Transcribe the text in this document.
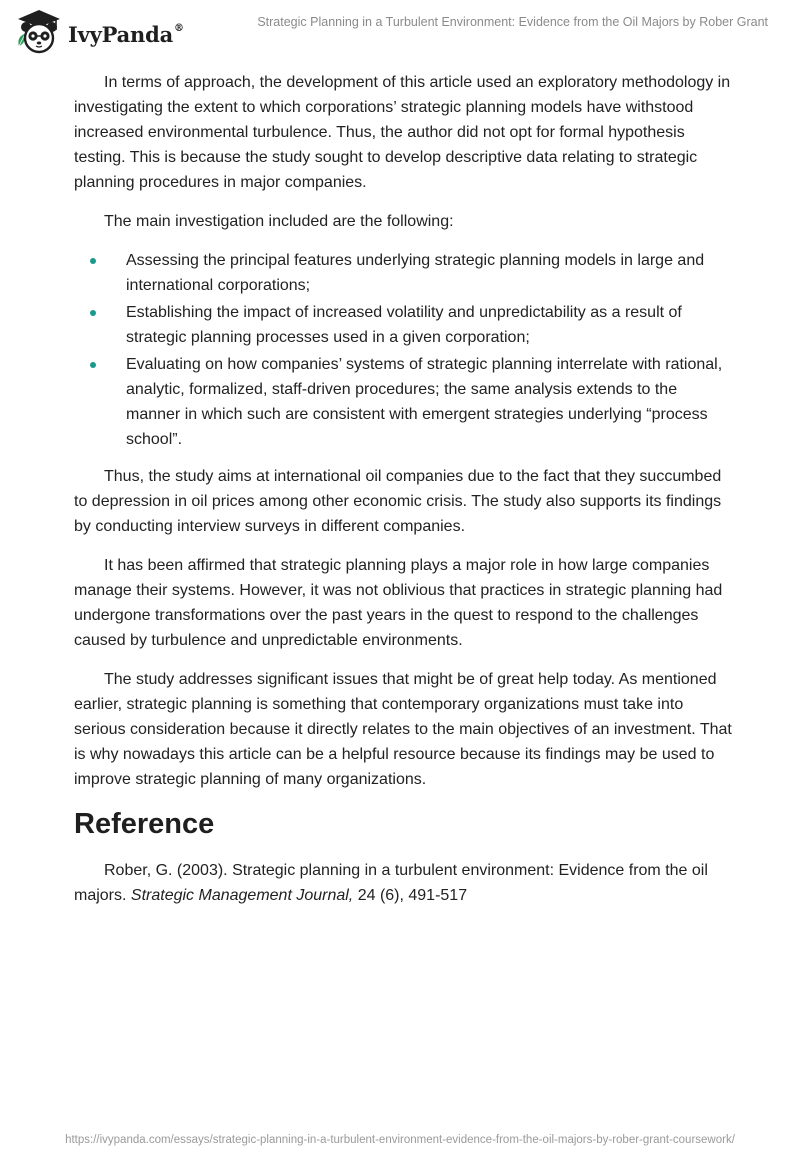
IvyPanda®	Strategic Planning in a Turbulent Environment: Evidence from the Oil Majors by Rober Grant

In terms of approach, the development of this article used an exploratory methodology in investigating the extent to which corporations’ strategic planning models have withstood increased environmental turbulence. Thus, the author did not opt for formal hypothesis testing. This is because the study sought to develop descriptive data relating to strategic planning procedures in major companies.

The main investigation included are the following:

Assessing the principal features underlying strategic planning models in large and international corporations;
Establishing the impact of increased volatility and unpredictability as a result of strategic planning processes used in a given corporation;
Evaluating on how companies’ systems of strategic planning interrelate with rational, analytic, formalized, staff-driven procedures; the same analysis extends to the manner in which such are consistent with emergent strategies underlying “process school”.

Thus, the study aims at international oil companies due to the fact that they succumbed to depression in oil prices among other economic crisis. The study also supports its findings by conducting interview surveys in different companies.

It has been affirmed that strategic planning plays a major role in how large companies manage their systems. However, it was not oblivious that practices in strategic planning had undergone transformations over the past years in the quest to respond to the challenges caused by turbulence and unpredictable environments.

The study addresses significant issues that might be of great help today. As mentioned earlier, strategic planning is something that contemporary organizations must take into serious consideration because it directly relates to the main objectives of an investment. That is why nowadays this article can be a helpful resource because its findings may be used to improve strategic planning of many organizations.

Reference

Rober, G. (2003). Strategic planning in a turbulent environment: Evidence from the oil majors. Strategic Management Journal, 24 (6), 491-517

https://ivypanda.com/essays/strategic-planning-in-a-turbulent-environment-evidence-from-the-oil-majors-by-rober-grant-coursework/
